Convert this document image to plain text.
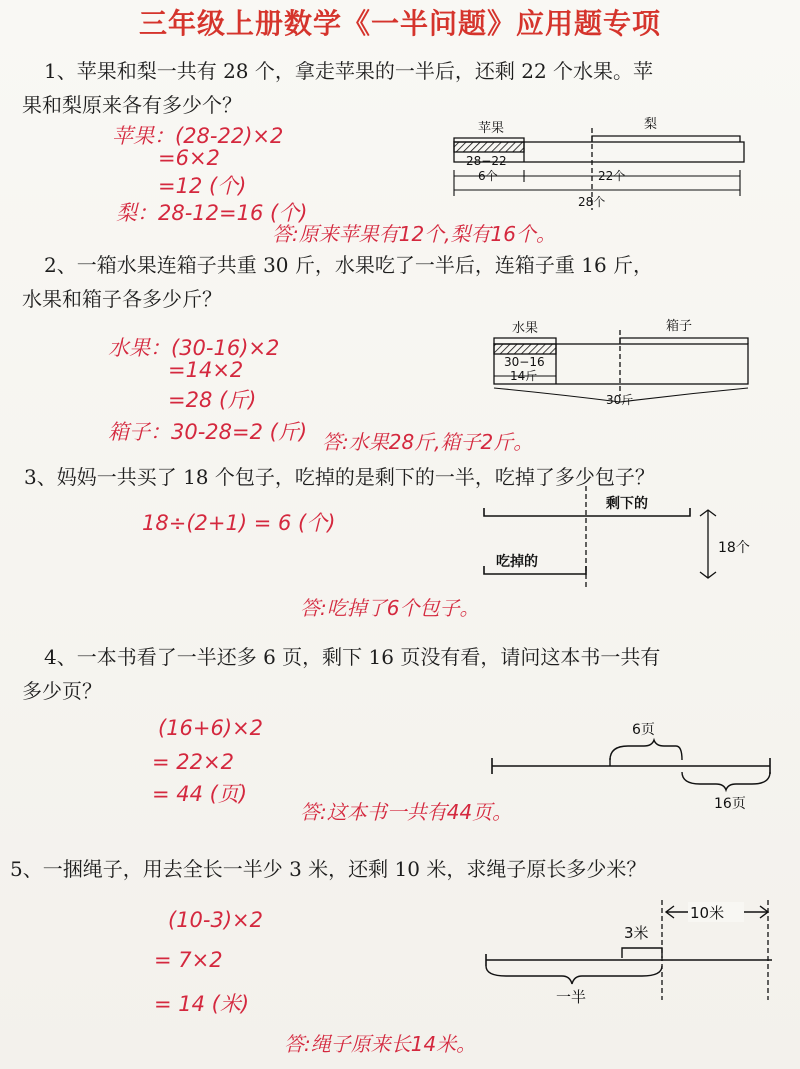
三年级上册数学《一半问题》应用题专项
1、苹果和梨一共有 28 个，拿走苹果的一半后，还剩 22 个水果。苹
果和梨原来各有多少个？
苹果：(28-22)×2
=6×2
=12 (个)
梨：28-12=16 (个)
答:原来苹果有12个,梨有16个。
苹果	梨
28−22
6个	22个
28个
2、一箱水果连箱子共重 30 斤，水果吃了一半后，连箱子重 16 斤，
水果和箱子各多少斤？
水果：(30-16)×2
=14×2
=28 (斤)
箱子：30-28=2 (斤) 答:水果28斤,箱子2斤。
水果	箱子
30−16
14斤
30斤
3、妈妈一共买了 18 个包子，吃掉的是剩下的一半，吃掉了多少包子？
18÷(2+1) = 6 (个)
答:吃掉了6个包子。
剩下的
吃掉的
18个
4、一本书看了一半还多 6 页，剩下 16 页没有看，请问这本书一共有
多少页？
(16+6)×2
= 22×2
= 44 (页)
答:这本书一共有44页。
6页
16页
5、一捆绳子，用去全长一半少 3 米，还剩 10 米，求绳子原长多少米？
(10-3)×2
= 7×2
= 14 (米)
答:绳子原来长14米。
10米
3米
一半
